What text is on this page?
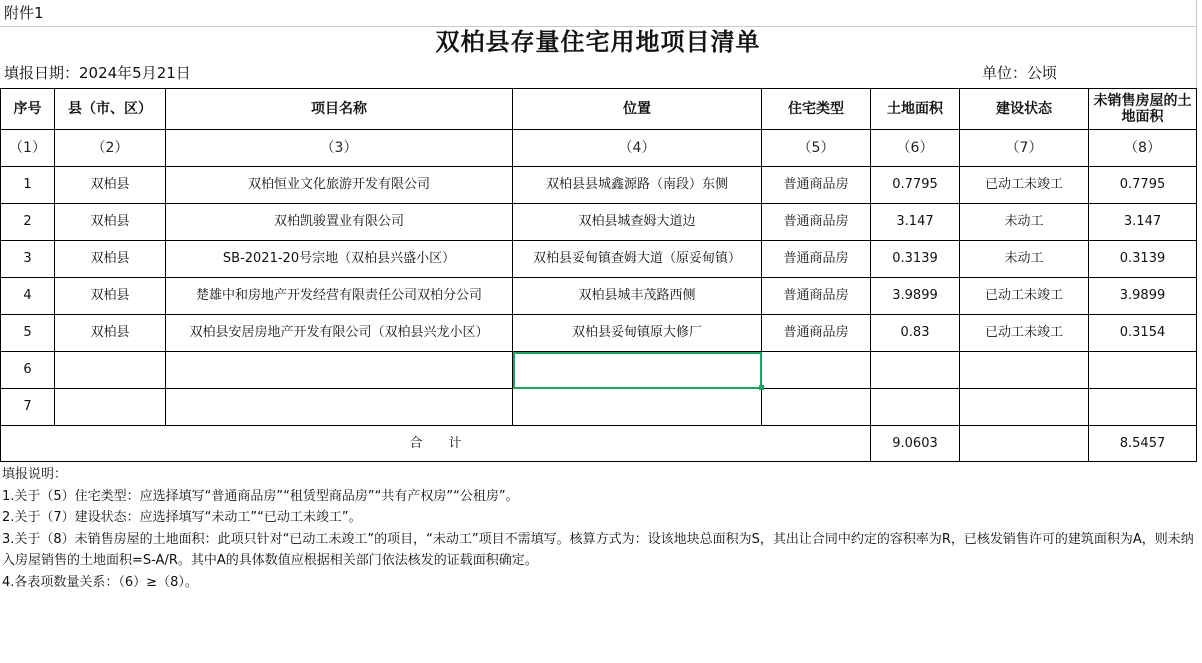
附件1
双柏县存量住宅用地项目清单
填报日期：2024年5月21日	单位：公顷
序号	县（市、区）	项目名称	位置	住宅类型	土地面积	建设状态	未销售房屋的土地面积
（1）	（2）	（3）	（4）	（5）	（6）	（7）	（8）
1	双柏县	双柏恒业文化旅游开发有限公司	双柏县县城鑫源路（南段）东侧	普通商品房	0.7795	已动工未竣工	0.7795
2	双柏县	双柏凯骏置业有限公司	双柏县城查姆大道边	普通商品房	3.147	未动工	3.147
3	双柏县	SB-2021-20号宗地（双柏县兴盛小区）	双柏县妥甸镇查姆大道（原妥甸镇）	普通商品房	0.3139	未动工	0.3139
4	双柏县	楚雄中和房地产开发经营有限责任公司双柏分公司	双柏县城丰茂路西侧	普通商品房	3.9899	已动工未竣工	3.9899
5	双柏县	双柏县安居房地产开发有限公司（双柏县兴龙小区）	双柏县妥甸镇原大修厂	普通商品房	0.83	已动工未竣工	0.3154
6							
7							
合　　计					9.0603		8.5457
填报说明：
1.关于（5）住宅类型：应选择填写“普通商品房”“租赁型商品房”“共有产权房”“公租房”。
2.关于（7）建设状态：应选择填写“未动工”“已动工未竣工”。
3.关于（8）未销售房屋的土地面积：此项只针对“已动工未竣工”的项目，“未动工”项目不需填写。核算方式为：设该地块总面积为S，其出让合同中约定的容积率为R，已核发销售许可的建筑面积为A，则未纳入房屋销售的土地面积=S-A/R。其中A的具体数值应根据相关部门依法核发的证载面积确定。
4.各表项数量关系：（6）≥（8）。
